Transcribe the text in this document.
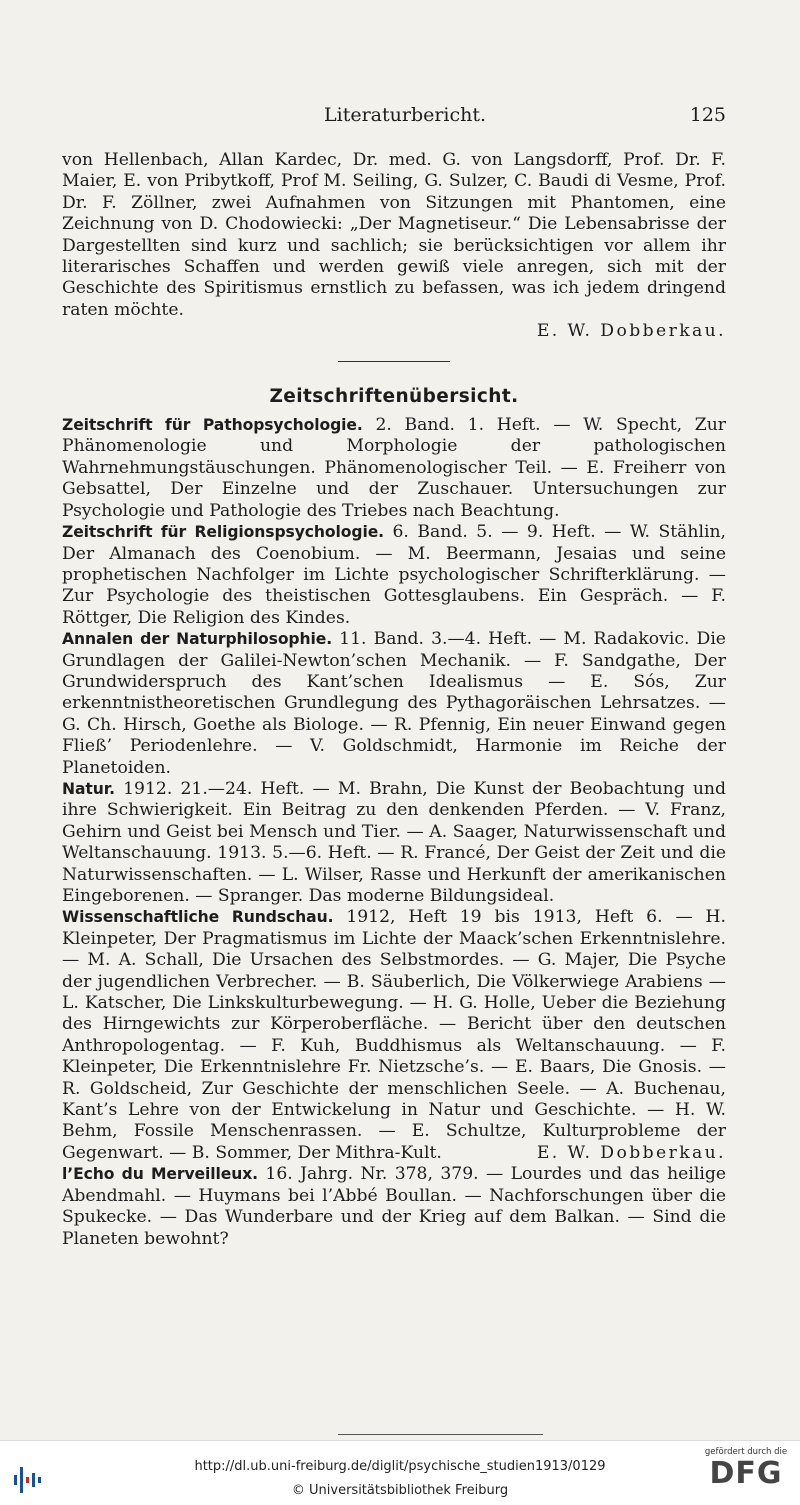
Literaturbericht.	125

von Hellenbach, Allan Kardec, Dr. med. G. von Langsdorff, Prof. Dr. F. Maier, E. von Pribytkoff, Prof M. Seiling, G. Sulzer, C. Baudi di Vesme, Prof. Dr. F. Zöllner, zwei Aufnahmen von Sitzungen mit Phantomen, eine Zeichnung von D. Chodowiecki: „Der Magnetiseur.“ Die Lebensabrisse der Dargestellten sind kurz und sachlich; sie berücksichtigen vor allem ihr literarisches Schaffen und werden gewiß viele anregen, sich mit der Geschichte des Spiritismus ernstlich zu befassen, was ich jedem dringend raten möchte.

E. W. Dobberkau.

Zeitschriftenübersicht.

Zeitschrift für Pathopsychologie. 2. Band. 1. Heft. — W. Specht, Zur Phänomenologie und Morphologie der pathologischen Wahrnehmungstäuschungen. Phänomenologischer Teil. — E. Freiherr von Gebsattel, Der Einzelne und der Zuschauer. Untersuchungen zur Psychologie und Pathologie des Triebes nach Beachtung.

Zeitschrift für Religionspsychologie. 6. Band. 5. — 9. Heft. — W. Stählin, Der Almanach des Coenobium. — M. Beermann, Jesaias und seine prophetischen Nachfolger im Lichte psychologischer Schrifterklärung. — Zur Psychologie des theistischen Gottesglaubens. Ein Gespräch. — F. Röttger, Die Religion des Kindes.

Annalen der Naturphilosophie. 11. Band. 3.—4. Heft. — M. Radakovic. Die Grundlagen der Galilei-Newton’schen Mechanik. — F. Sandgathe, Der Grundwiderspruch des Kant’schen Idealismus — E. Sós, Zur erkenntnistheoretischen Grundlegung des Pythagoräischen Lehrsatzes. — G. Ch. Hirsch, Goethe als Biologe. — R. Pfennig, Ein neuer Einwand gegen Fließ’ Periodenlehre. — V. Goldschmidt, Harmonie im Reiche der Planetoiden.

Natur. 1912. 21.—24. Heft. — M. Brahn, Die Kunst der Beobachtung und ihre Schwierigkeit. Ein Beitrag zu den denkenden Pferden. — V. Franz, Gehirn und Geist bei Mensch und Tier. — A. Saager, Naturwissenschaft und Weltanschauung. 1913. 5.—6. Heft. — R. Francé, Der Geist der Zeit und die Naturwissenschaften. — L. Wilser, Rasse und Herkunft der amerikanischen Eingeborenen. — Spranger. Das moderne Bildungsideal.

Wissenschaftliche Rundschau. 1912, Heft 19 bis 1913, Heft 6. — H. Kleinpeter, Der Pragmatismus im Lichte der Maack’schen Erkenntnislehre. — M. A. Schall, Die Ursachen des Selbstmordes. — G. Majer, Die Psyche der jugendlichen Verbrecher. — B. Säuberlich, Die Völkerwiege Arabiens — L. Katscher, Die Linkskulturbewegung. — H. G. Holle, Ueber die Beziehung des Hirngewichts zur Körperoberfläche. — Bericht über den deutschen Anthropologentag. — F. Kuh, Buddhismus als Weltanschauung. — F. Kleinpeter, Die Erkenntnislehre Fr. Nietzsche’s. — E. Baars, Die Gnosis. — R. Goldscheid, Zur Geschichte der menschlichen Seele. — A. Buchenau, Kant’s Lehre von der Entwickelung in Natur und Geschichte. — H. W. Behm, Fossile Menschenrassen. — E. Schultze, Kulturprobleme der Gegenwart. — B. Sommer, Der Mithra-Kult.	E. W. Dobberkau.

l’Echo du Merveilleux. 16. Jahrg. Nr. 378, 379. — Lourdes und das heilige Abendmahl. — Huymans bei l’Abbé Boullan. — Nachforschungen über die Spukecke. — Das Wunderbare und der Krieg auf dem Balkan. — Sind die Planeten bewohnt?

http://dl.ub.uni-freiburg.de/diglit/psychische_studien1913/0129
© Universitätsbibliothek Freiburg
gefördert durch die
DFG
